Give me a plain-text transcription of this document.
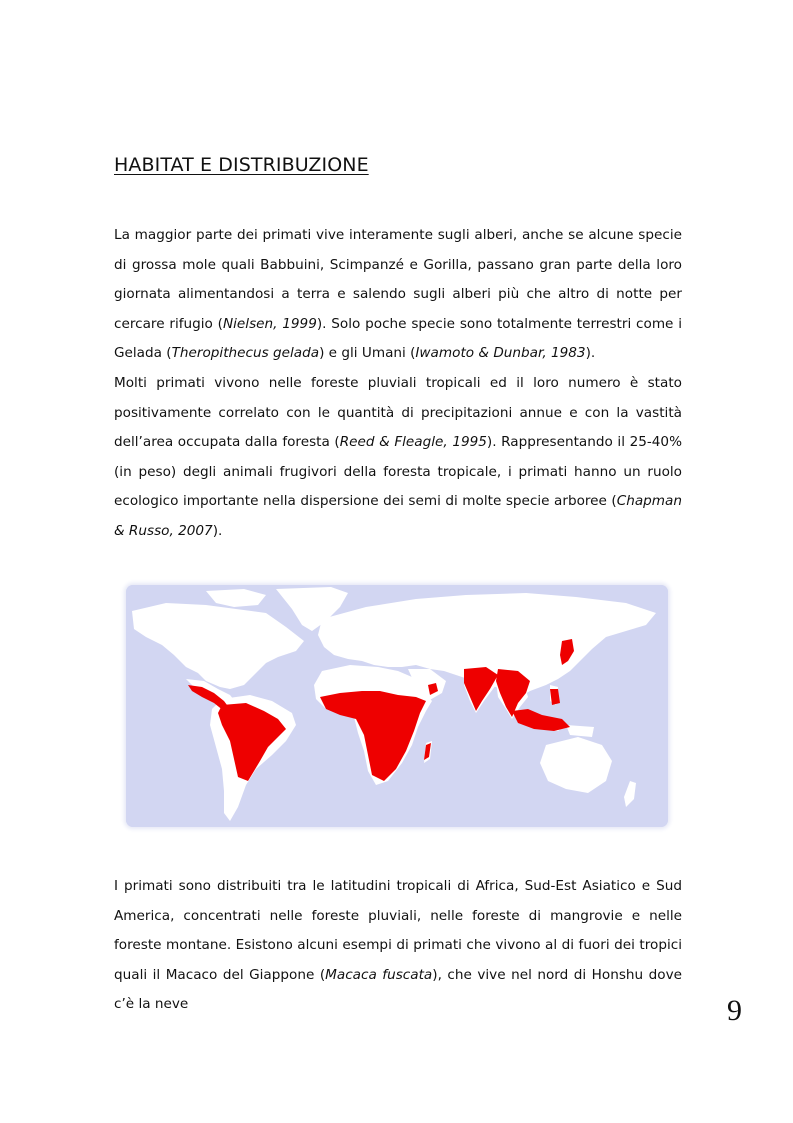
HABITAT E DISTRIBUZIONE
La maggior parte dei primati vive interamente sugli alberi, anche se alcune specie di grossa mole quali Babbuini, Scimpanzé e Gorilla, passano gran parte della loro giornata alimentandosi a terra e salendo sugli alberi più che altro di notte per cercare rifugio (Nielsen, 1999). Solo poche specie sono totalmente terrestri come i Gelada (Theropithecus gelada) e gli Umani (Iwamoto & Dunbar, 1983).
Molti primati vivono nelle foreste pluviali tropicali ed il loro numero è stato positivamente correlato con le quantità di precipitazioni annue e con la vastità dell’area occupata dalla foresta (Reed & Fleagle, 1995). Rappresentando il 25-40% (in peso) degli animali frugivori della foresta tropicale, i primati hanno un ruolo ecologico importante nella dispersione dei semi di molte specie arboree (Chapman & Russo, 2007).
I primati sono distribuiti tra le latitudini tropicali di Africa, Sud-Est Asiatico e Sud America, concentrati nelle foreste pluviali, nelle foreste di mangrovie e nelle foreste montane. Esistono alcuni esempi di primati che vivono al di fuori dei tropici quali il Macaco del Giappone (Macaca fuscata), che vive nel nord di Honshu dove c’è la neve	9
